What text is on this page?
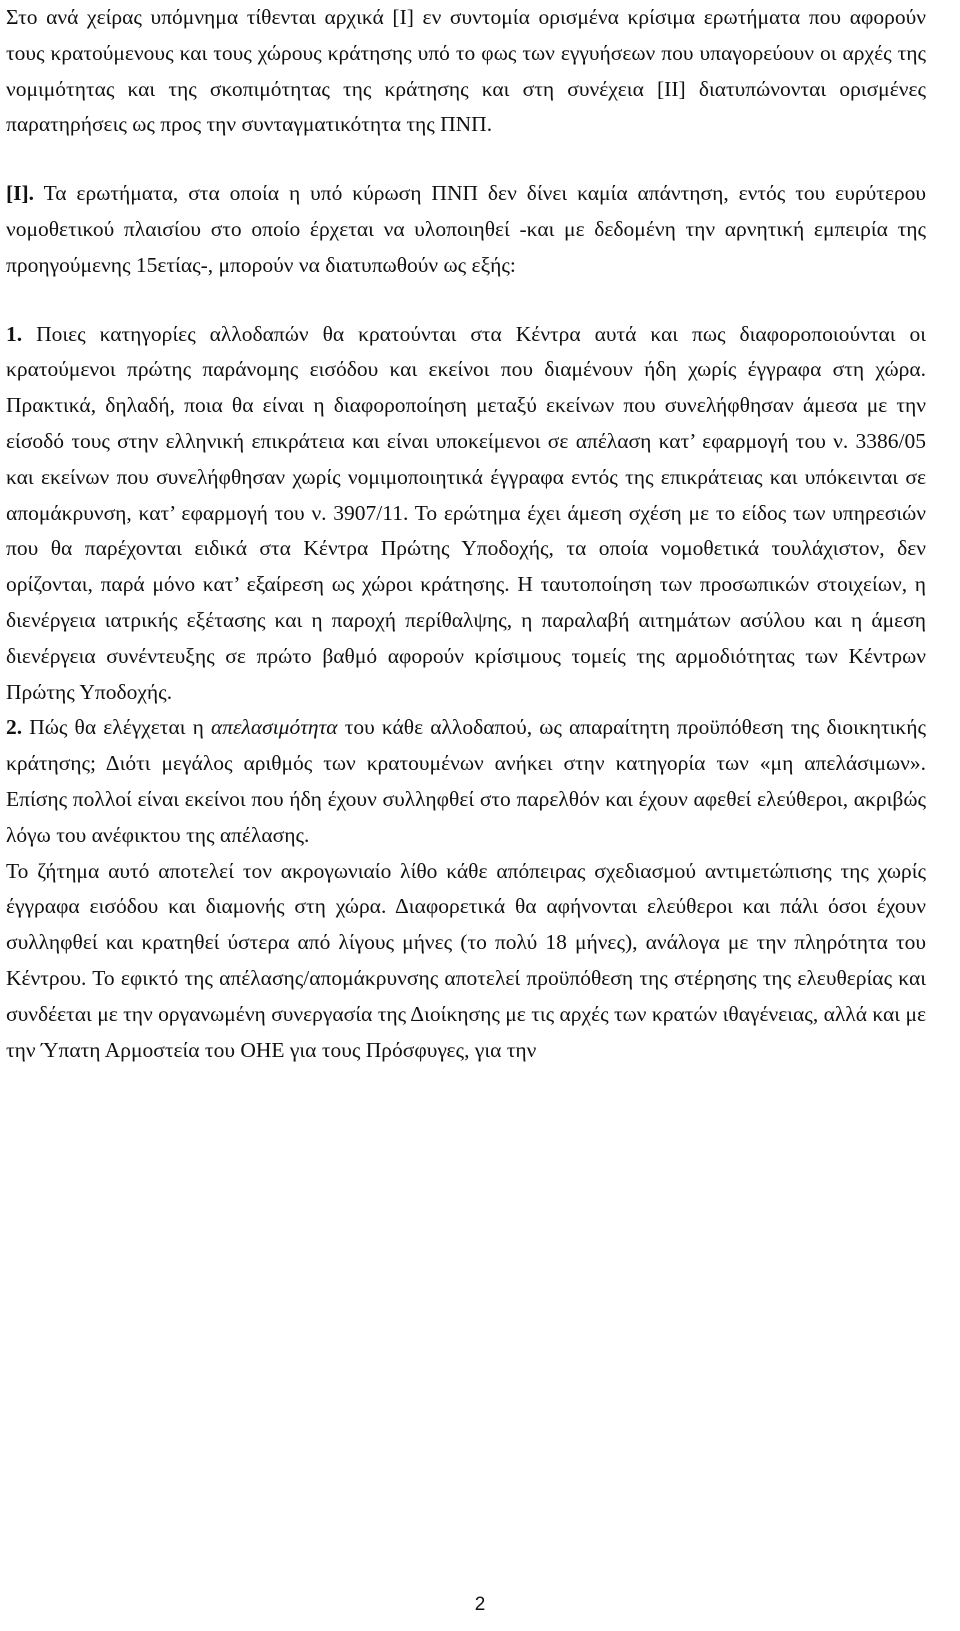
Στο ανά χείρας υπόμνημα τίθενται αρχικά [Ι] εν συντομία ορισμένα κρίσιμα ερωτήματα που αφορούν τους κρατούμενους και τους χώρους κράτησης υπό το φως των εγγυήσεων που υπαγορεύουν οι αρχές της νομιμότητας και της σκοπιμότητας της κράτησης και στη συνέχεια [ΙΙ] διατυπώνονται ορισμένες παρατηρήσεις ως προς την συνταγματικότητα της ΠΝΠ.

[Ι]. Τα ερωτήματα, στα οποία η υπό κύρωση ΠΝΠ δεν δίνει καμία απάντηση, εντός του ευρύτερου νομοθετικού πλαισίου στο οποίο έρχεται να υλοποιηθεί -και με δεδομένη την αρνητική εμπειρία της προηγούμενης 15ετίας-, μπορούν να διατυπωθούν ως εξής:

1. Ποιες κατηγορίες αλλοδαπών θα κρατούνται στα Κέντρα αυτά και πως διαφοροποιούνται οι κρατούμενοι πρώτης παράνομης εισόδου και εκείνοι που διαμένουν ήδη χωρίς έγγραφα στη χώρα. Πρακτικά, δηλαδή, ποια θα είναι η διαφοροποίηση μεταξύ εκείνων που συνελήφθησαν άμεσα με την είσοδό τους στην ελληνική επικράτεια και είναι υποκείμενοι σε απέλαση κατ’ εφαρμογή του ν. 3386/05 και εκείνων που συνελήφθησαν χωρίς νομιμοποιητικά έγγραφα εντός της επικράτειας και υπόκεινται σε απομάκρυνση, κατ’ εφαρμογή του ν. 3907/11. Το ερώτημα έχει άμεση σχέση με το είδος των υπηρεσιών που θα παρέχονται ειδικά στα Κέντρα Πρώτης Υποδοχής, τα οποία νομοθετικά τουλάχιστον, δεν ορίζονται, παρά μόνο κατ’ εξαίρεση ως χώροι κράτησης. Η ταυτοποίηση των προσωπικών στοιχείων, η διενέργεια ιατρικής εξέτασης και η παροχή περίθαλψης, η παραλαβή αιτημάτων ασύλου και η άμεση διενέργεια συνέντευξης σε πρώτο βαθμό αφορούν κρίσιμους τομείς της αρμοδιότητας των Κέντρων Πρώτης Υποδοχής.

2. Πώς θα ελέγχεται η απελασιμότητα του κάθε αλλοδαπού, ως απαραίτητη προϋπόθεση της διοικητικής κράτησης; Διότι μεγάλος αριθμός των κρατουμένων ανήκει στην κατηγορία των «μη απελάσιμων». Επίσης πολλοί είναι εκείνοι που ήδη έχουν συλληφθεί στο παρελθόν και έχουν αφεθεί ελεύθεροι, ακριβώς λόγω του ανέφικτου της απέλασης.

Το ζήτημα αυτό αποτελεί τον ακρογωνιαίο λίθο κάθε απόπειρας σχεδιασμού αντιμετώπισης της χωρίς έγγραφα εισόδου και διαμονής στη χώρα. Διαφορετικά θα αφήνονται ελεύθεροι και πάλι όσοι έχουν συλληφθεί και κρατηθεί ύστερα από λίγους μήνες (το πολύ 18 μήνες), ανάλογα με την πληρότητα του Κέντρου. Το εφικτό της απέλασης/απομάκρυνσης αποτελεί προϋπόθεση της στέρησης της ελευθερίας και συνδέεται με την οργανωμένη συνεργασία της Διοίκησης με τις αρχές των κρατών ιθαγένειας, αλλά και με την Ύπατη Αρμοστεία του ΟΗΕ για τους Πρόσφυγες, για την

2
